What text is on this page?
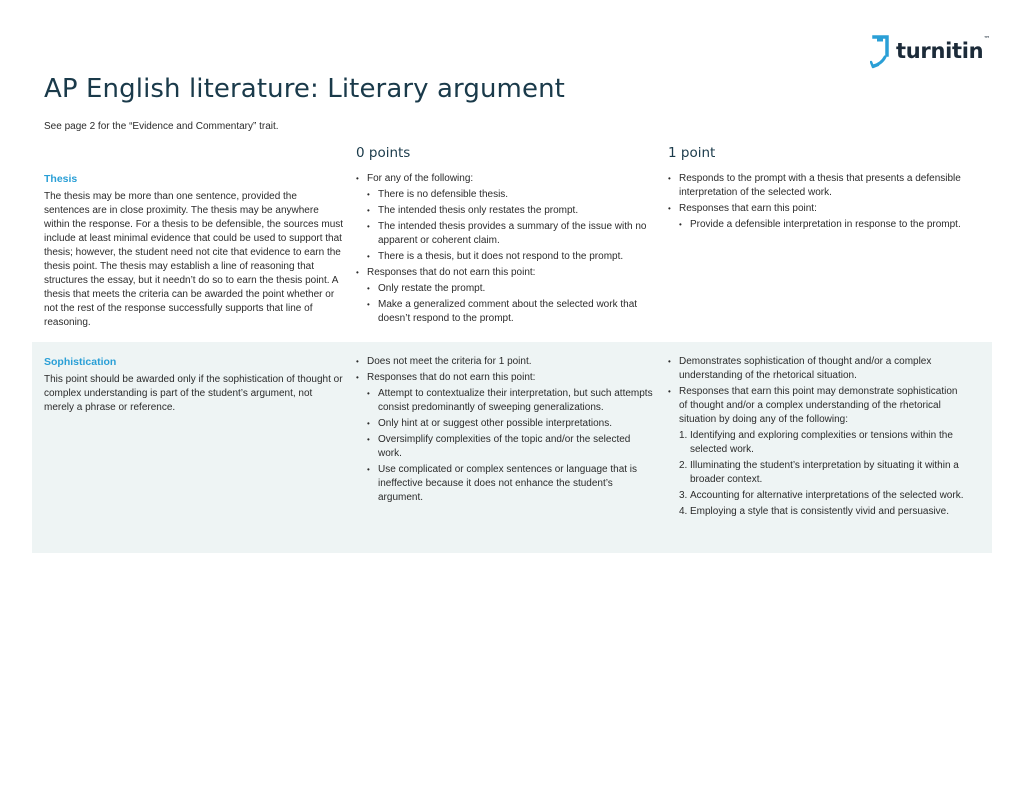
turnitin™
AP English literature: Literary argument
See page 2 for the “Evidence and Commentary” trait.
0 points	1 point

Thesis

The thesis may be more than one sentence, provided the sentences are in close proximity. The thesis may be anywhere within the response. For a thesis to be defensible, the sources must include at least minimal evidence that could be used to support that thesis; however, the student need not cite that evidence to earn the thesis point. The thesis may establish a line of reasoning that structures the essay, but it needn’t do so to earn the thesis point. A thesis that meets the criteria can be awarded the point whether or not the rest of the response successfully supports that line of reasoning.

• For any of the following:
• There is no defensible thesis.
• The intended thesis only restates the prompt.
• The intended thesis provides a summary of the issue with no apparent or coherent claim.
• There is a thesis, but it does not respond to the prompt.
• Responses that do not earn this point:
• Only restate the prompt.
• Make a generalized comment about the selected work that doesn’t respond to the prompt.
• Responds to the prompt with a thesis that presents a defensible interpretation of the selected work.
• Responses that earn this point:
• Provide a defensible interpretation in response to the prompt.

Sophistication

This point should be awarded only if the sophistication of thought or complex understanding is part of the student’s argument, not merely a phrase or reference.

• Does not meet the criteria for 1 point.
• Responses that do not earn this point:
• Attempt to contextualize their interpretation, but such attempts consist predominantly of sweeping generalizations.
• Only hint at or suggest other possible interpretations.
• Oversimplify complexities of the topic and/or the selected work.
• Use complicated or complex sentences or language that is ineffective because it does not enhance the student’s argument.
• Demonstrates sophistication of thought and/or a complex understanding of the rhetorical situation.
• Responses that earn this point may demonstrate sophistication of thought and/or a complex understanding of the rhetorical situation by doing any of the following:
1. Identifying and exploring complexities or tensions within the selected work.
2. Illuminating the student’s interpretation by situating it within a broader context.
3. Accounting for alternative interpretations of the selected work.
4. Employing a style that is consistently vivid and persuasive.
